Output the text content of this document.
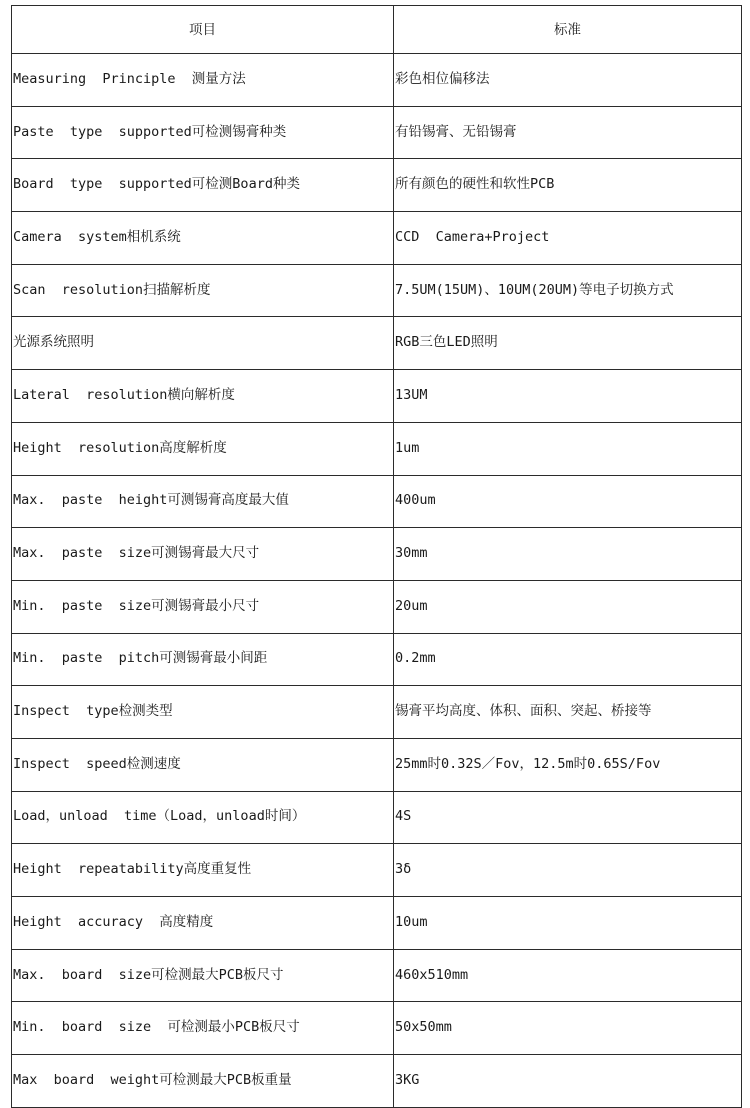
项目	标准
Measuring  Principle  测量方法	彩色相位偏移法
Paste  type  supported可检测锡膏种类	有铅锡膏、无铅锡膏
Board  type  supported可检测Board种类	所有颜色的硬性和软性PCB
Camera  system相机系统	CCD  Camera+Project
Scan  resolution扫描解析度	7.5UM(15UM)、10UM(20UM)等电子切换方式
光源系统照明	RGB三色LED照明
Lateral  resolution横向解析度	13UM
Height  resolution高度解析度	1um
Max.  paste  height可测锡膏高度最大值	400um
Max.  paste  size可测锡膏最大尺寸	30mm
Min.  paste  size可测锡膏最小尺寸	20um
Min.  paste  pitch可测锡膏最小间距	0.2mm
Inspect  type检测类型	锡膏平均高度、体积、面积、突起、桥接等
Inspect  speed检测速度	25mm时0.32S／Fov，12.5m时0.65S/Fov
Load，unload  time（Load，unload时间）	4S
Height  repeatability高度重复性	3δ
Height  accuracy  高度精度	10um
Max.  board  size可检测最大PCB板尺寸	460x510mm
Min.  board  size  可检测最小PCB板尺寸	50x50mm
Max  board  weight可检测最大PCB板重量	3KG
